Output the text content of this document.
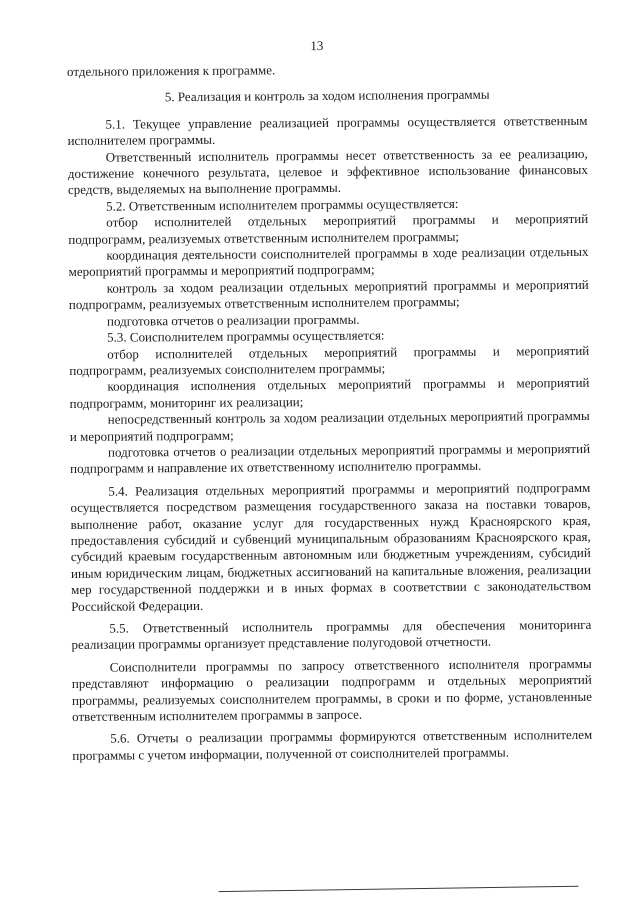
13

отдельного приложения к программе.

5. Реализация и контроль за ходом исполнения программы

5.1. Текущее управление реализацией программы осуществляется ответственным исполнителем программы.

Ответственный исполнитель программы несет ответственность за ее реализацию, достижение конечного результата, целевое и эффективное использование финансовых средств, выделяемых на выполнение программы.

5.2. Ответственным исполнителем программы осуществляется:

отбор исполнителей отдельных мероприятий программы и мероприятий подпрограмм, реализуемых ответственным исполнителем программы;

координация деятельности соисполнителей программы в ходе реализации отдельных мероприятий программы и мероприятий подпрограмм;

контроль за ходом реализации отдельных мероприятий программы и мероприятий подпрограмм, реализуемых ответственным исполнителем программы;

подготовка отчетов о реализации программы.

5.3. Соисполнителем программы осуществляется:

отбор исполнителей отдельных мероприятий программы и мероприятий подпрограмм, реализуемых соисполнителем программы;

координация исполнения отдельных мероприятий программы и мероприятий подпрограмм, мониторинг их реализации;

непосредственный контроль за ходом реализации отдельных мероприятий программы и мероприятий подпрограмм;

подготовка отчетов о реализации отдельных мероприятий программы и мероприятий подпрограмм и направление их ответственному исполнителю программы.

5.4. Реализация отдельных мероприятий программы и мероприятий подпрограмм осуществляется посредством размещения государственного заказа на поставки товаров, выполнение работ, оказание услуг для государственных нужд Красноярского края, предоставления субсидий и субвенций муниципальным образованиям Красноярского края, субсидий краевым государственным автономным или бюджетным учреждениям, субсидий иным юридическим лицам, бюджетных ассигнований на капитальные вложения, реализации мер государственной поддержки и в иных формах в соответствии с законодательством Российской Федерации.

5.5. Ответственный исполнитель программы для обеспечения мониторинга реализации программы организует представление полугодовой отчетности.

Соисполнители программы по запросу ответственного исполнителя программы представляют информацию о реализации подпрограмм и отдельных мероприятий программы, реализуемых соисполнителем программы, в сроки и по форме, установленные ответственным исполнителем программы в запросе.

5.6. Отчеты о реализации программы формируются ответственным исполнителем программы с учетом информации, полученной от соисполнителей программы.
